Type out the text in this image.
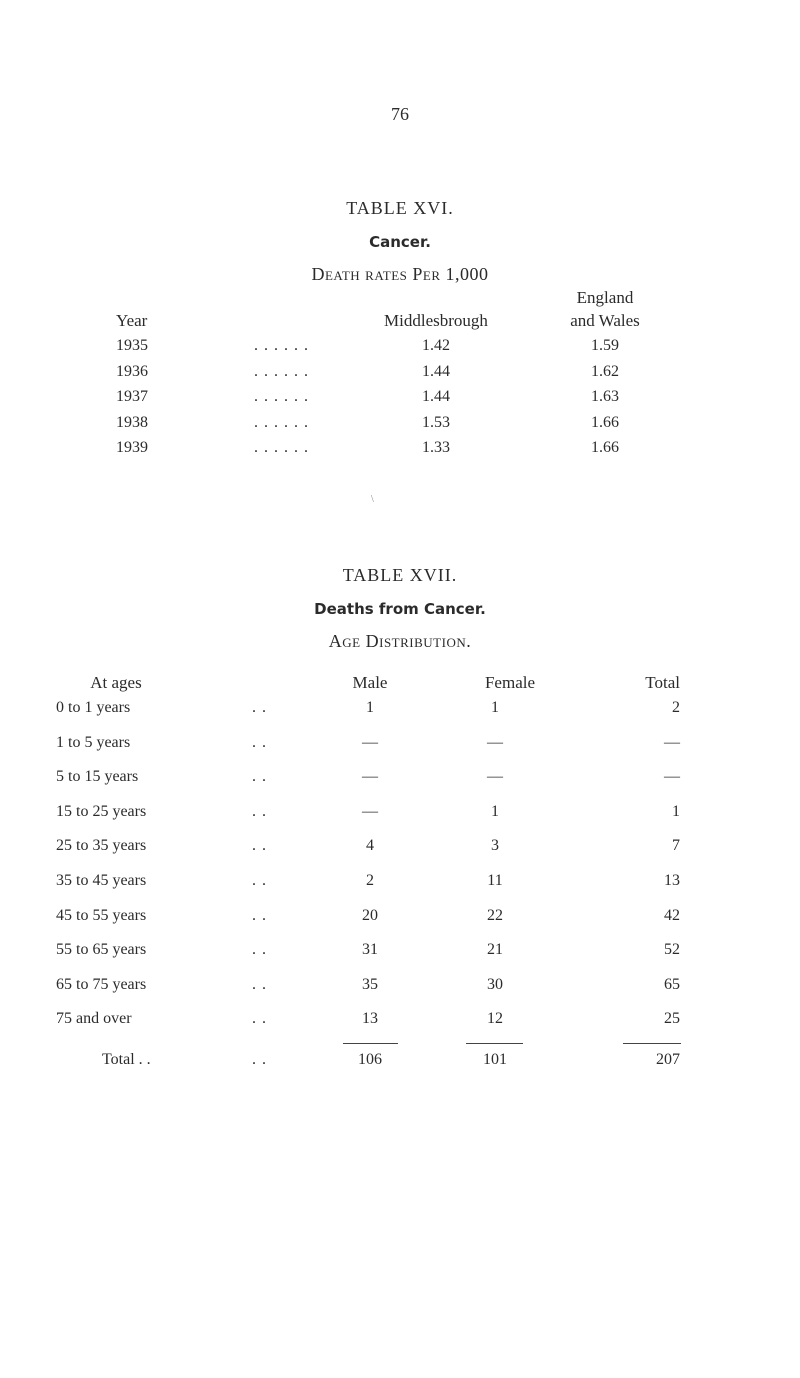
76
TABLE XVI.
Cancer.
Death rates Per 1,000
Year	Middlesbrough
England
and Wales
1935	. . . . . .	1.42	1.59
1936	. . . . . .	1.44	1.62
1937	. . . . . .	1.44	1.63
1938	. . . . . .	1.53	1.66
1939	. . . . . .	1.33	1.66
\
TABLE XVII.
Deaths from Cancer.
Age Distribution.
At ages	Male	Female	Total
0 to 1 years	. .	1	1	2
1 to 5 years	. .	—	—	—
5 to 15 years	. .	—	—	—
15 to 25 years	. .	—	1	1
25 to 35 years	. .	4	3	7
35 to 45 years	. .	2	11	13
45 to 55 years	. .	20	22	42
55 to 65 years	. .	31	21	52
65 to 75 years	. .	35	30	65
75 and over	. .	13	12	25
Total . .	. .	106	101	207
